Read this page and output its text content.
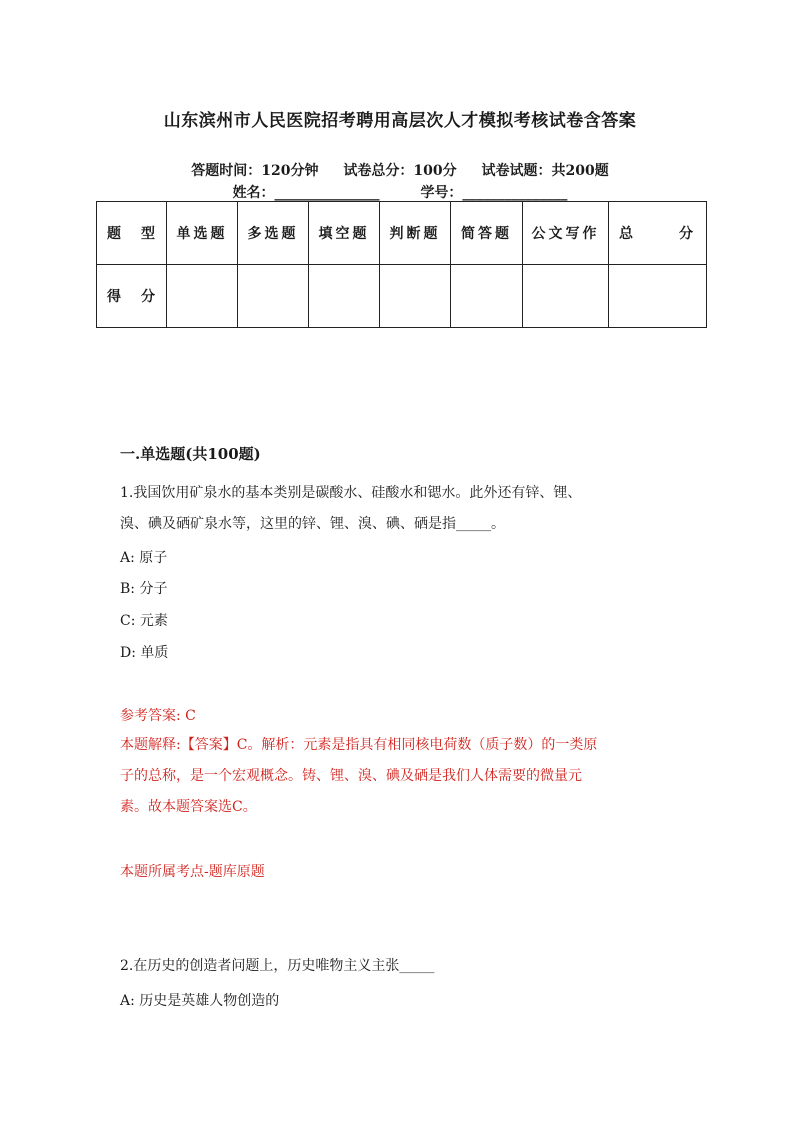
山东滨州市人民医院招考聘用高层次人才模拟考核试卷含答案
答题时间：120分钟 试卷总分：100分 试卷试题：共200题
姓名：_______________	学号：_______________
题　型	单选题	多选题	填空题	判断题	简答题	公文写作	总　分
得　分							
一.单选题(共100题)
1.我国饮用矿泉水的基本类别是碳酸水、硅酸水和锶水。此外还有锌、锂、
溴、碘及硒矿泉水等，这里的锌、锂、溴、碘、硒是指_____。
A: 原子
B: 分子
C: 元素
D: 单质
参考答案: C
本题解释:【答案】C。解析：元素是指具有相同核电荷数（质子数）的一类原
子的总称，是一个宏观概念。铸、锂、溴、碘及硒是我们人体需要的微量元
素。故本题答案选C。
本题所属考点-题库原题
2.在历史的创造者问题上，历史唯物主义主张_____
A: 历史是英雄人物创造的
